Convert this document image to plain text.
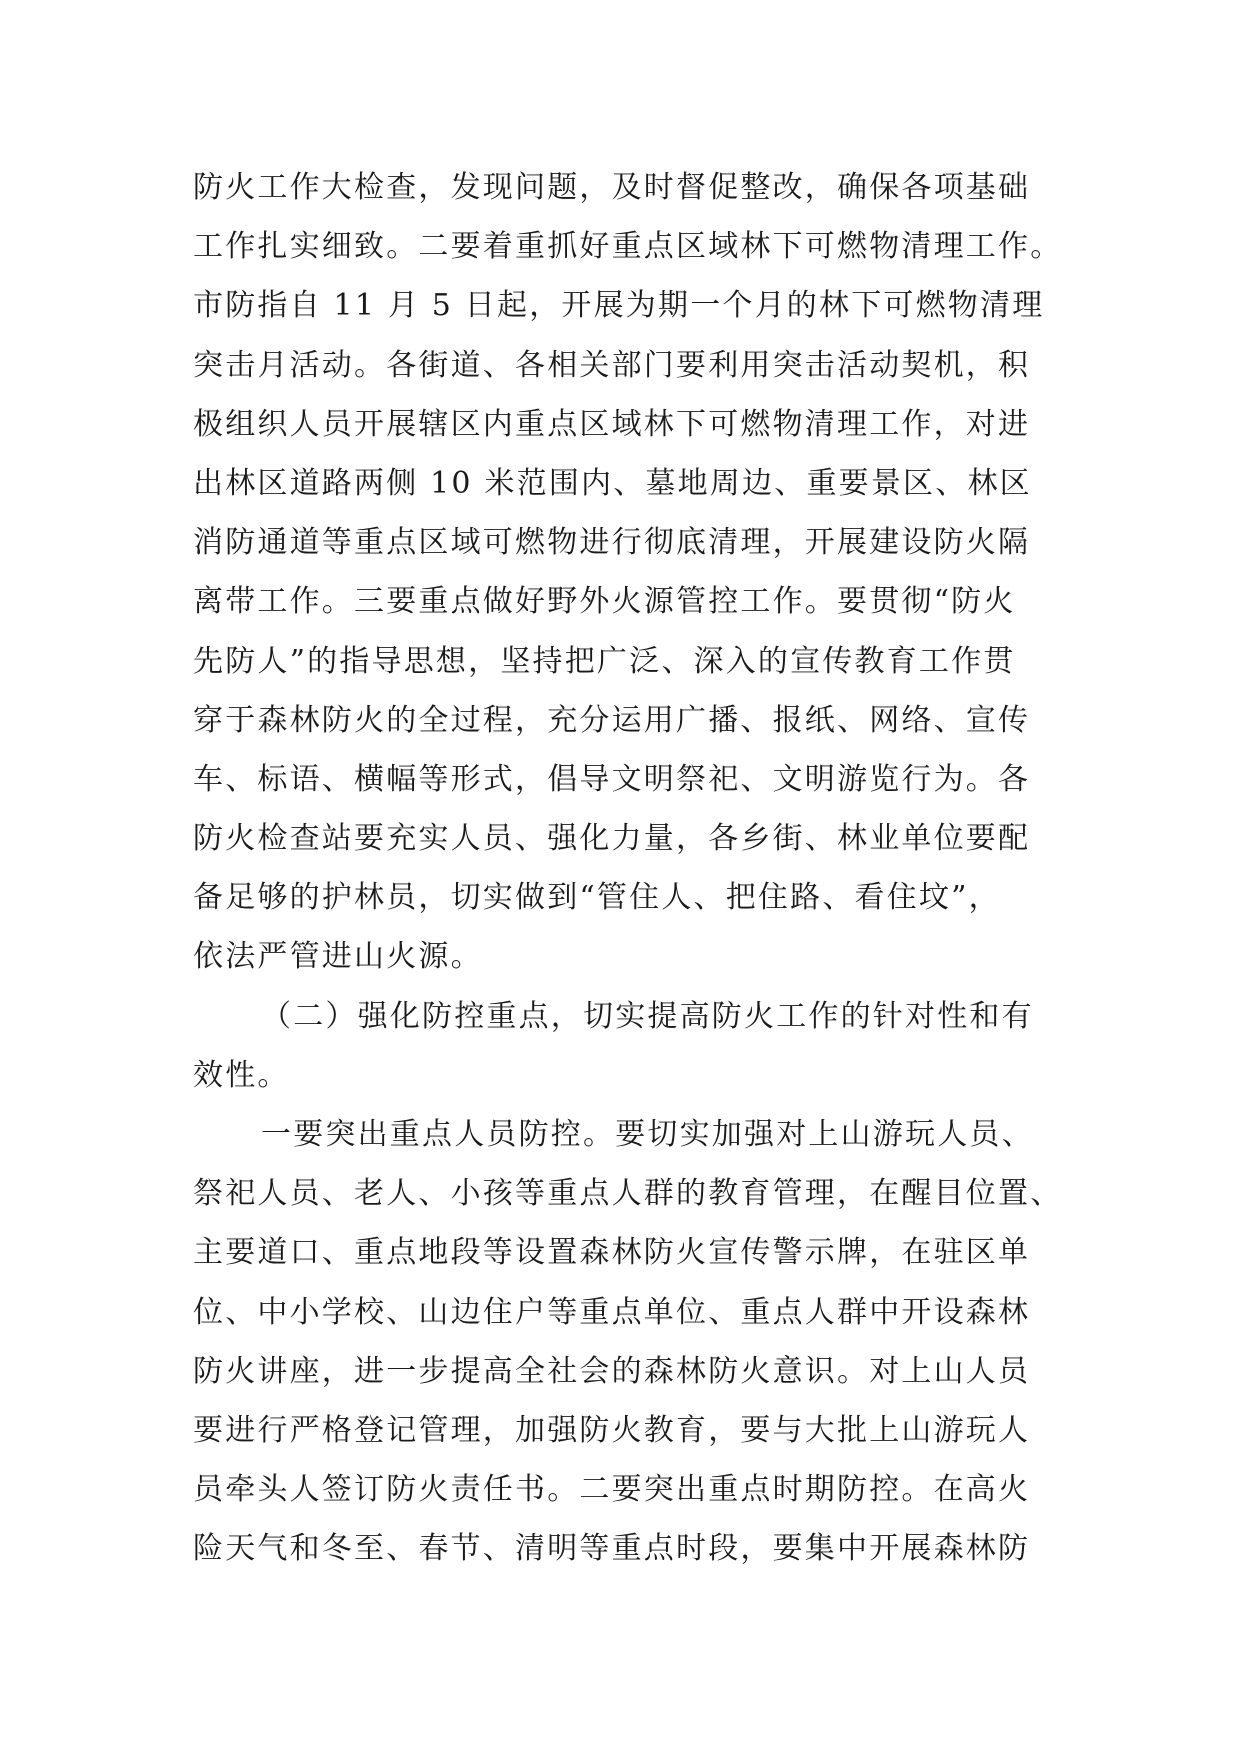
防火工作大检查，发现问题，及时督促整改，确保各项基础
工作扎实细致。二要着重抓好重点区域林下可燃物清理工作。
市防指自 11 月 5 日起，开展为期一个月的林下可燃物清理
突击月活动。各街道、各相关部门要利用突击活动契机，积
极组织人员开展辖区内重点区域林下可燃物清理工作，对进
出林区道路两侧 10 米范围内、墓地周边、重要景区、林区
消防通道等重点区域可燃物进行彻底清理，开展建设防火隔
离带工作。三要重点做好野外火源管控工作。要贯彻“防火
先防人”的指导思想，坚持把广泛、深入的宣传教育工作贯
穿于森林防火的全过程，充分运用广播、报纸、网络、宣传
车、标语、横幅等形式，倡导文明祭祀、文明游览行为。各
防火检查站要充实人员、强化力量，各乡街、林业单位要配
备足够的护林员，切实做到“管住人、把住路、看住坟”，
依法严管进山火源。
（二）强化防控重点，切实提高防火工作的针对性和有
效性。
一要突出重点人员防控。要切实加强对上山游玩人员、
祭祀人员、老人、小孩等重点人群的教育管理，在醒目位置、
主要道口、重点地段等设置森林防火宣传警示牌，在驻区单
位、中小学校、山边住户等重点单位、重点人群中开设森林
防火讲座，进一步提高全社会的森林防火意识。对上山人员
要进行严格登记管理，加强防火教育，要与大批上山游玩人
员牵头人签订防火责任书。二要突出重点时期防控。在高火
险天气和冬至、春节、清明等重点时段，要集中开展森林防
